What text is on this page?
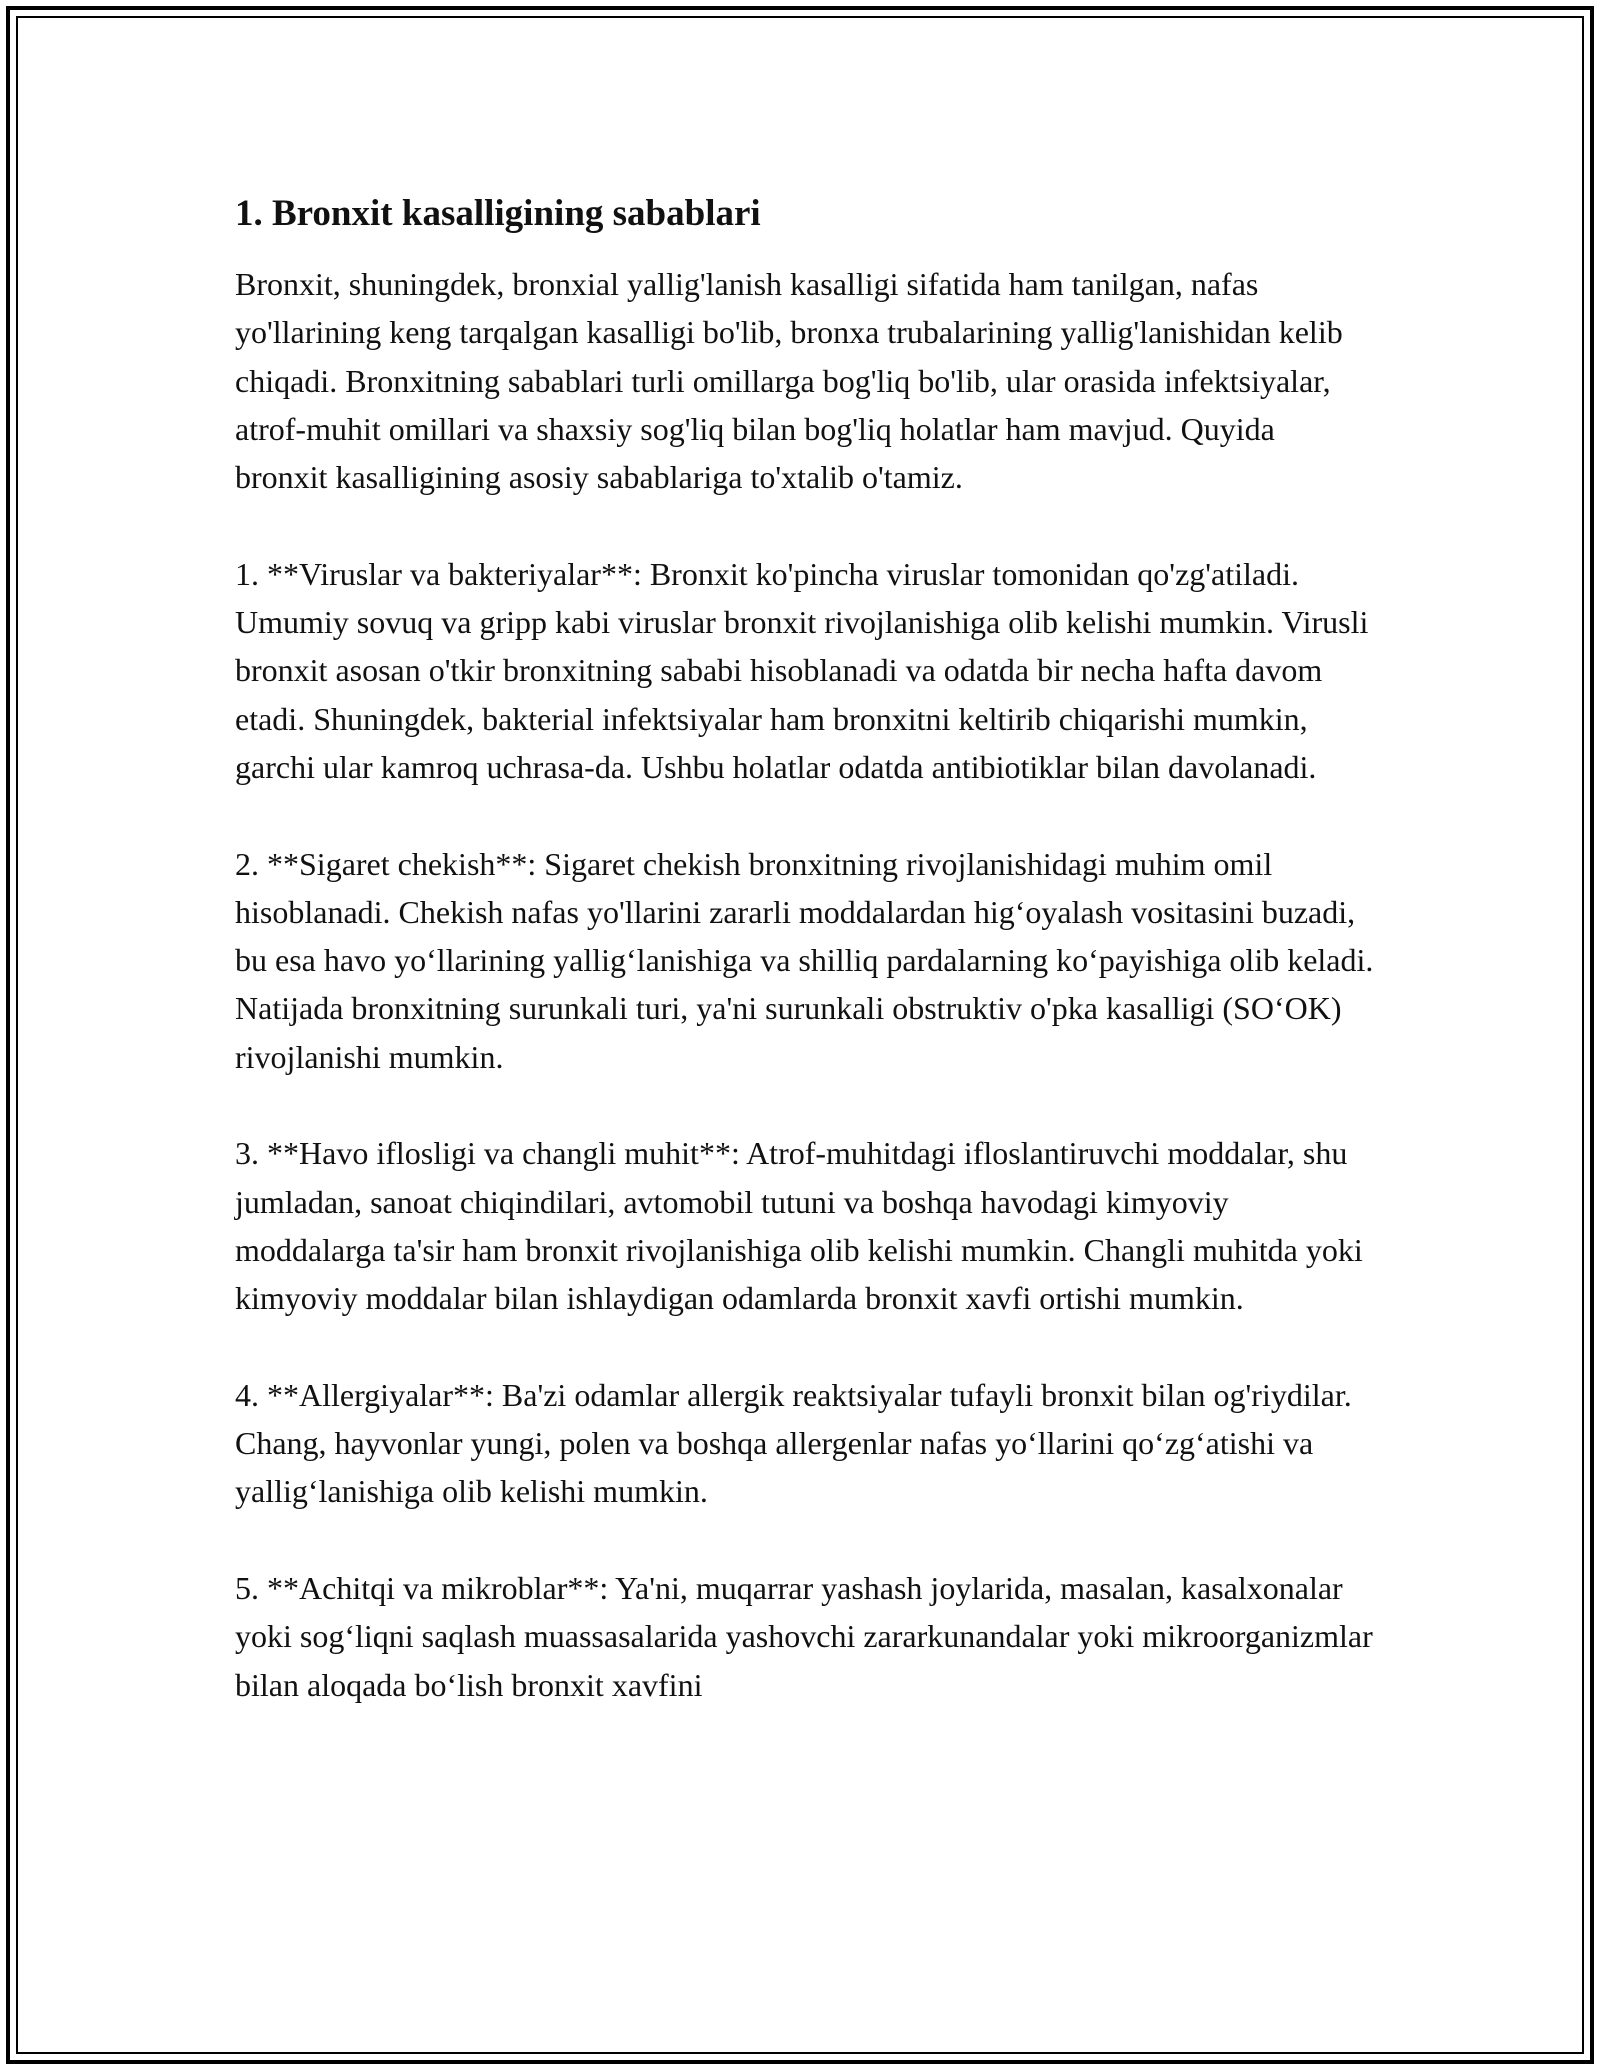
1. Bronxit kasalligining sabablari

Bronxit, shuningdek, bronxial yallig'lanish kasalligi sifatida ham tanilgan, nafas yo'llarining keng tarqalgan kasalligi bo'lib, bronxa trubalarining yallig'lanishidan kelib chiqadi. Bronxitning sabablari turli omillarga bog'liq bo'lib, ular orasida infektsiyalar, atrof-muhit omillari va shaxsiy sog'liq bilan bog'liq holatlar ham mavjud. Quyida bronxit kasalligining asosiy sabablariga to'xtalib o'tamiz.

1. **Viruslar va bakteriyalar**: Bronxit ko'pincha viruslar tomonidan qo'zg'atiladi. Umumiy sovuq va gripp kabi viruslar bronxit rivojlanishiga olib kelishi mumkin. Virusli bronxit asosan o'tkir bronxitning sababi hisoblanadi va odatda bir necha hafta davom etadi. Shuningdek, bakterial infektsiyalar ham bronxitni keltirib chiqarishi mumkin, garchi ular kamroq uchrasa-da. Ushbu holatlar odatda antibiotiklar bilan davolanadi.

2. **Sigaret chekish**: Sigaret chekish bronxitning rivojlanishidagi muhim omil hisoblanadi. Chekish nafas yo'llarini zararli moddalardan hig‘oyalash vositasini buzadi, bu esa havo yo‘llarining yallig‘lanishiga va shilliq pardalarning ko‘payishiga olib keladi. Natijada bronxitning surunkali turi, ya'ni surunkali obstruktiv o'pka kasalligi (SO‘OK) rivojlanishi mumkin.

3. **Havo iflosligi va changli muhit**: Atrof-muhitdagi ifloslantiruvchi moddalar, shu jumladan, sanoat chiqindilari, avtomobil tutuni va boshqa havodagi kimyoviy moddalarga ta'sir ham bronxit rivojlanishiga olib kelishi mumkin. Changli muhitda yoki kimyoviy moddalar bilan ishlaydigan odamlarda bronxit xavfi ortishi mumkin.

4. **Allergiyalar**: Ba'zi odamlar allergik reaktsiyalar tufayli bronxit bilan og'riydilar. Chang, hayvonlar yungi, polen va boshqa allergenlar nafas yo‘llarini qo‘zg‘atishi va yallig‘lanishiga olib kelishi mumkin.

5. **Achitqi va mikroblar**: Ya'ni, muqarrar yashash joylarida, masalan, kasalxonalar yoki sog‘liqni saqlash muassasalarida yashovchi zararkunandalar yoki mikroorganizmlar bilan aloqada bo‘lish bronxit xavfini
